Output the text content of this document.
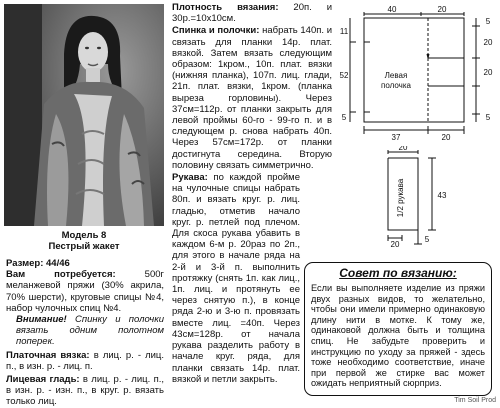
Модель 8
Пестрый жакет
Размер: 44/46
Вам потребуется:	500г меланжевой пряжи (30% акрила, 70% шерсти), круговые спицы №4, набор чулочных спиц №4.
Внимание! Спинку и полочки вязать одним полотном поперек.
Платочная вязка: в лиц. р. - лиц. п., в изн. р. - лиц. п.
Лицевая гладь: в лиц. р. - лиц. п., в изн. р. - изн. п., в круг. р. вязать только лиц.
Плотность вязания: 20п. и 30р.=10х10см.
Спинка и полочки: набрать 140п. и связать для планки 14р. плат. вязкой. Затем вязать следующим образом: 1кром., 10п. плат. вязки (нижняя планка), 107п. лиц. глади, 21п. плат. вязки, 1кром. (планка выреза горловины). Через 37см=112р. от планки закрыть для левой проймы 60-го - 99-го п. и в следующем р. снова набрать 40п. Через 57см=172р. от планки достигнута середина. Вторую половину связать симметрично.
Рукава: по каждой пройме на чулочные спицы набрать 80п. и вязать круг. р. лиц. гладью, отметив начало круг. р. петлей под плечом. Для скоса рукава убавить в каждом 6-м р. 20раз по 2п., для этого в начале ряда на 2-й и 3-й п. выполнить протяжку (снять 1п. как лиц., 1п. лиц. и протянуть ее через снятую п.), в конце ряда 2-ю и 3-ю п. провязать вместе лиц. =40п. Через 43см=128р. от начала рукава разделить работу в начале круг. ряда, для планки связать 14р. плат. вязкой и петли закрыть.
40	20
11
52
5
5
20
20
5
37	20
Левая
полочка
20
43
20
5
1/2 рукава
Совет по вязанию:
Если вы выполняете изделие из пряжи двух разных видов, то желательно, чтобы они имели примерно одинаковую длину нити в мотке. К тому же, одинаковой должна быть и толщина спиц. Не забудьте проверить и инструкцию по уходу за пряжей - здесь тоже необходимо соответствие, иначе при первой же стирке вас может ожидать неприятный сюрприз.
Tim Soil Prod
